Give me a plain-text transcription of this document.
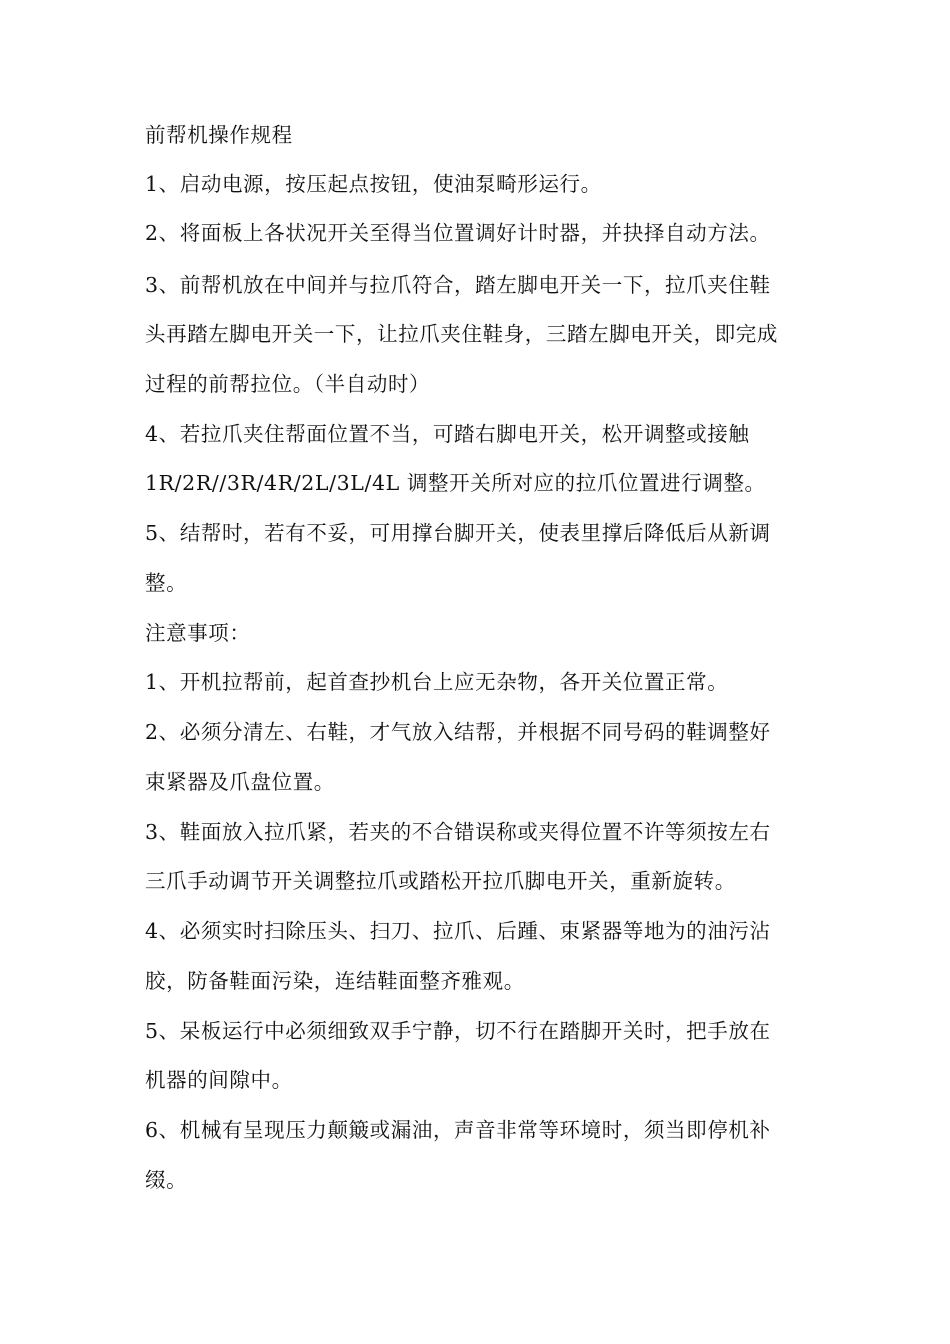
前帮机操作规程
1、启动电源，按压起点按钮，使油泵畸形运行。
2、将面板上各状况开关至得当位置调好计时器，并抉择自动方法。
3、前帮机放在中间并与拉爪符合，踏左脚电开关一下，拉爪夹住鞋
头再踏左脚电开关一下，让拉爪夹住鞋身，三踏左脚电开关，即完成
过程的前帮拉位。（半自动时）
4、若拉爪夹住帮面位置不当，可踏右脚电开关，松开调整或接触
1R/2R//3R/4R/2L/3L/4L 调整开关所对应的拉爪位置进行调整。
5、结帮时，若有不妥，可用撑台脚开关，使表里撑后降低后从新调
整。
注意事项：
1、开机拉帮前，起首查抄机台上应无杂物，各开关位置正常。
2、必须分清左、右鞋，才气放入结帮，并根据不同号码的鞋调整好
束紧器及爪盘位置。
3、鞋面放入拉爪紧，若夹的不合错误称或夹得位置不许等须按左右
三爪手动调节开关调整拉爪或踏松开拉爪脚电开关，重新旋转。
4、必须实时扫除压头、扫刀、拉爪、后踵、束紧器等地为的油污沾
胶，防备鞋面污染，连结鞋面整齐雅观。
5、呆板运行中必须细致双手宁静，切不行在踏脚开关时，把手放在
机器的间隙中。
6、机械有呈现压力颠簸或漏油，声音非常等环境时，须当即停机补
缀。
